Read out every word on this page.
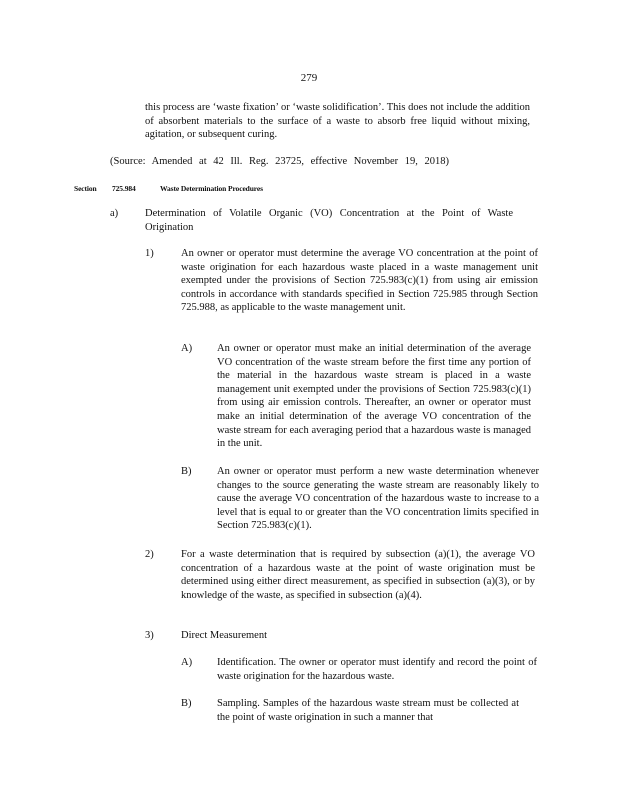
279
this process are ‘waste fixation’ or ‘waste solidification’. This does not include the addition of absorbent materials to the surface of a waste to absorb free liquid without mixing, agitation, or subsequent curing.
(Source: Amended at 42 Ill. Reg. 23725, effective November 19, 2018)
Section 725.984	Waste Determination Procedures
a)	Determination of Volatile Organic (VO) Concentration at the Point of Waste Origination
1)	An owner or operator must determine the average VO concentration at the point of waste origination for each hazardous waste placed in a waste management unit exempted under the provisions of Section 725.983(c)(1) from using air emission controls in accordance with standards specified in Section 725.985 through Section 725.988, as applicable to the waste management unit.
A) An owner or operator must make an initial determination of the average VO concentration of the waste stream before the first time any portion of the material in the hazardous waste stream is placed in a waste management unit exempted under the provisions of Section 725.983(c)(1) from using air emission controls. Thereafter, an owner or operator must make an initial determination of the average VO concentration of the waste stream for each averaging period that a hazardous waste is managed in the unit.
B) An owner or operator must perform a new waste determination whenever changes to the source generating the waste stream are reasonably likely to cause the average VO concentration of the hazardous waste to increase to a level that is equal to or greater than the VO concentration limits specified in Section 725.983(c)(1).
2)	For a waste determination that is required by subsection (a)(1), the average VO concentration of a hazardous waste at the point of waste origination must be determined using either direct measurement, as specified in subsection (a)(3), or by knowledge of the waste, as specified in subsection (a)(4).
3)	Direct Measurement
A) Identification. The owner or operator must identify and record the point of waste origination for the hazardous waste.
B) Sampling. Samples of the hazardous waste stream must be collected at the point of waste origination in such a manner that
